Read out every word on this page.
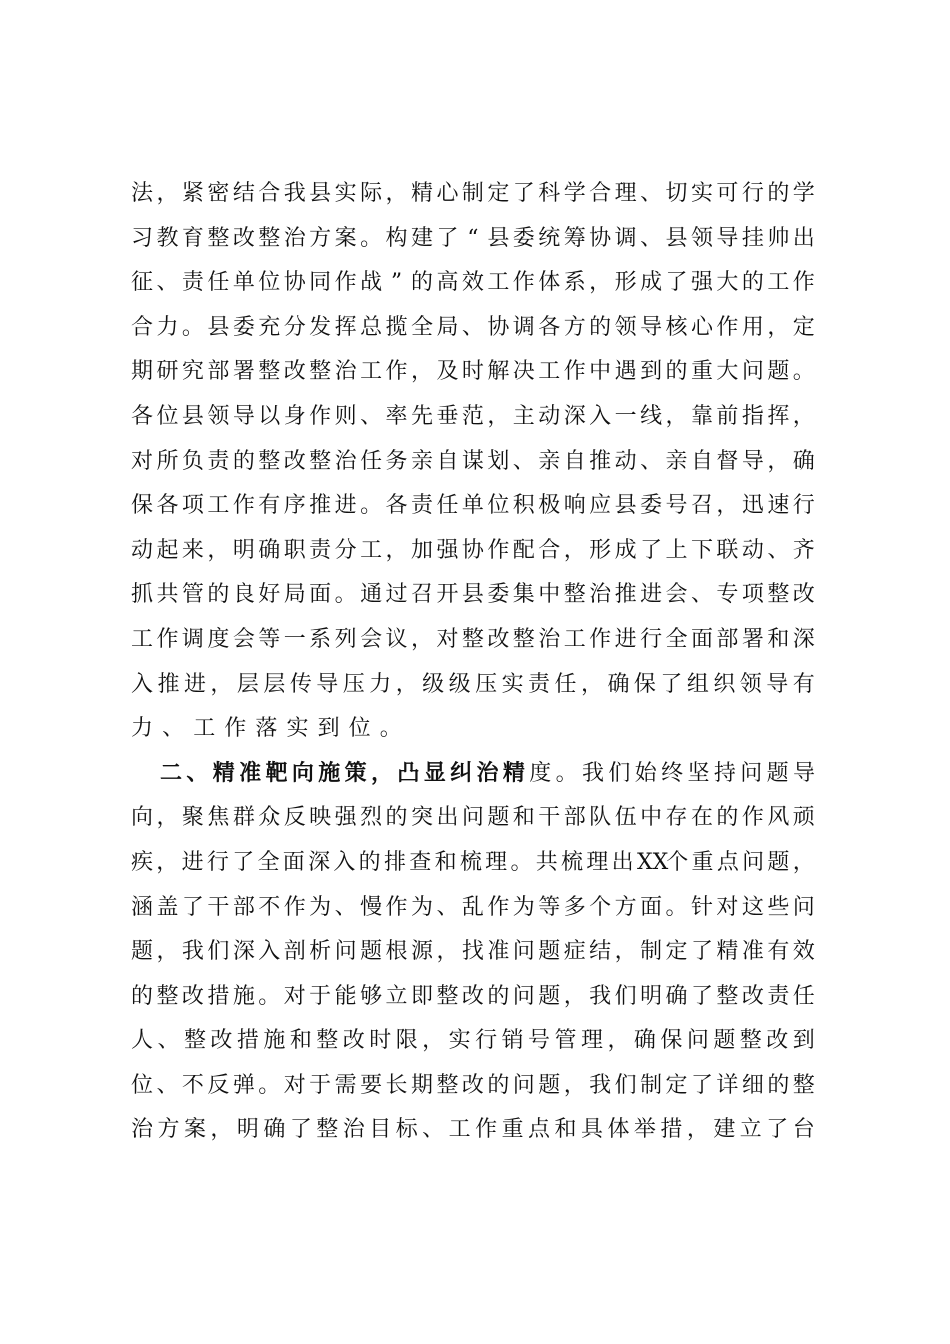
法 ， 紧 密 结 合 我 县 实 际 ， 精 心 制 定 了 科 学 合 理 、 切 实 可 行 的 学
习 教 育 整 改 整 治 方 案 。 构 建 了 “ 县 委 统 筹 协 调 、 县 领 导 挂 帅 出
征 、 责 任 单 位 协 同 作 战 ” 的 高 效 工 作 体 系 ， 形 成 了 强 大 的 工 作
合 力 。 县 委 充 分 发 挥 总 揽 全 局 、 协 调 各 方 的 领 导 核 心 作 用 ， 定
期 研 究 部 署 整 改 整 治 工 作 ， 及 时 解 决 工 作 中 遇 到 的 重 大 问 题 。
各 位 县 领 导 以 身 作 则 、 率 先 垂 范 ， 主 动 深 入 一 线 ， 靠 前 指 挥 ，
对 所 负 责 的 整 改 整 治 任 务 亲 自 谋 划 、 亲 自 推 动 、 亲 自 督 导 ， 确
保 各 项 工 作 有 序 推 进 。 各 责 任 单 位 积 极 响 应 县 委 号 召 ， 迅 速 行
动 起 来 ， 明 确 职 责 分 工 ， 加 强 协 作 配 合 ， 形 成 了 上 下 联 动 、 齐
抓 共 管 的 良 好 局 面 。 通 过 召 开 县 委 集 中 整 治 推 进 会 、 专 项 整 改
工 作 调 度 会 等 一 系 列 会 议 ， 对 整 改 整 治 工 作 进 行 全 面 部 署 和 深
入 推 进 ， 层 层 传 导 压 力 ， 级 级 压 实 责 任 ， 确 保 了 组 织 领 导 有
力 、 工 作 落 实 到 位 。
二 、 精 准 靶 向 施 策 ， 凸 显 纠 治 精 度 。 我 们 始 终 坚 持 问 题 导
向 ， 聚 焦 群 众 反 映 强 烈 的 突 出 问 题 和 干 部 队 伍 中 存 在 的 作 风 顽
疾 ， 进 行 了 全 面 深 入 的 排 查 和 梳 理 。 共 梳 理 出 XX
个 重 点 问 题 ，
涵 盖 了 干 部 不 作 为 、 慢 作 为 、 乱 作 为 等 多 个 方 面 。 针 对 这 些 问
题 ， 我 们 深 入 剖 析 问 题 根 源 ， 找 准 问 题 症 结 ， 制 定 了 精 准 有 效
的 整 改 措 施 。 对 于 能 够 立 即 整 改 的 问 题 ， 我 们 明 确 了 整 改 责 任
人 、 整 改 措 施 和 整 改 时 限 ， 实 行 销 号 管 理 ， 确 保 问 题 整 改 到
位 、 不 反 弹 。 对 于 需 要 长 期 整 改 的 问 题 ， 我 们 制 定 了 详 细 的 整
治 方 案 ， 明 确 了 整 治 目 标 、 工 作 重 点 和 具 体 举 措 ， 建 立 了 台
